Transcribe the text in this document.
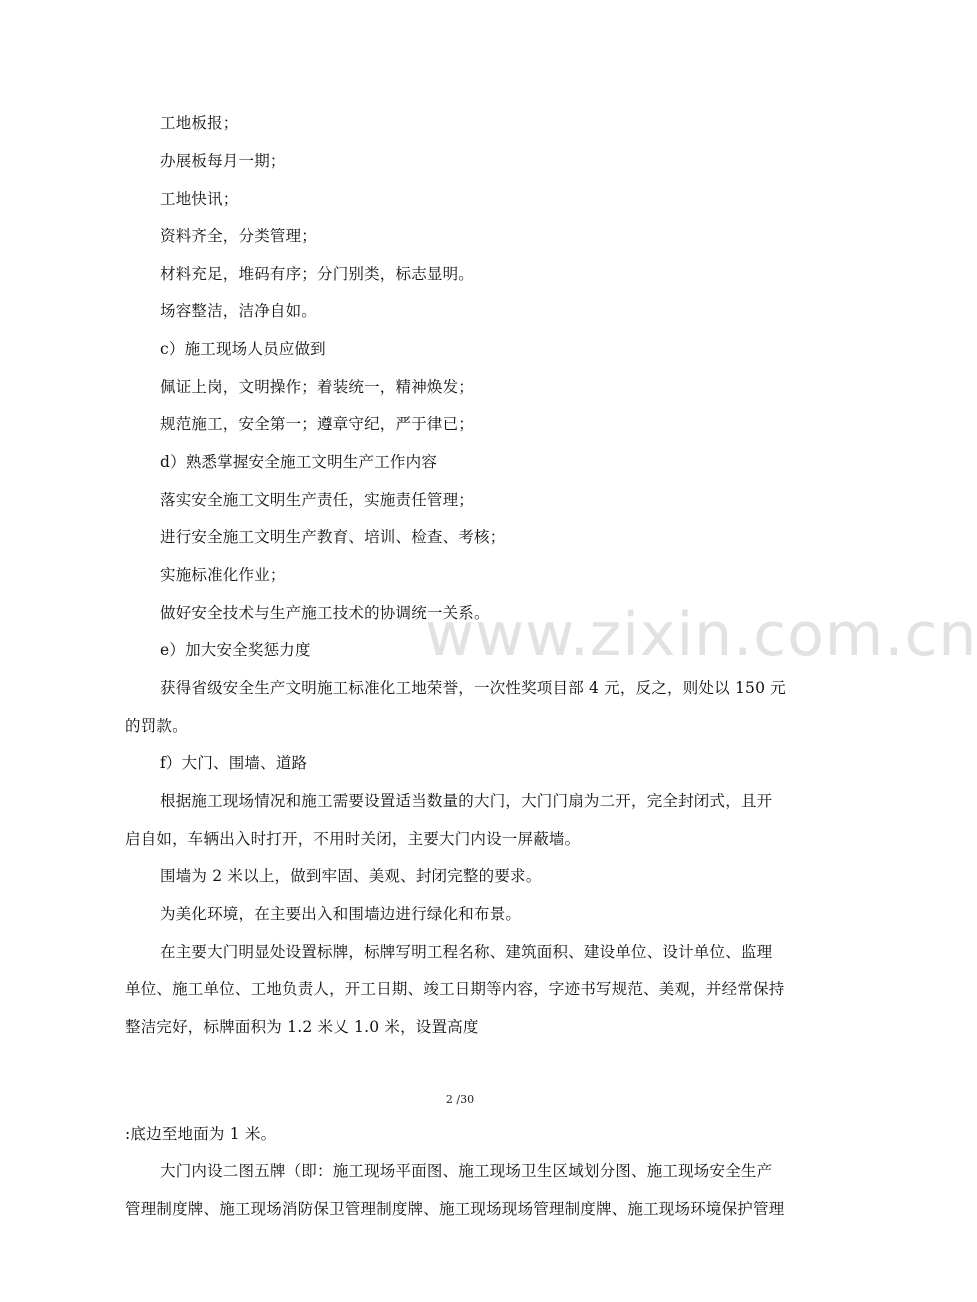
www.zixin.com.cn
工地板报；
办展板每月一期；
工地快讯；
资料齐全，分类管理；
材料充足，堆码有序；分门别类，标志显明。
场容整洁，洁净自如。
c）施工现场人员应做到
佩证上岗，文明操作；着装统一，精神焕发；
规范施工，安全第一；遵章守纪，严于律已；
d）熟悉掌握安全施工文明生产工作内容
落实安全施工文明生产责任，实施责任管理；
进行安全施工文明生产教育、培训、检查、考核；
实施标准化作业；
做好安全技术与生产施工技术的协调统一关系。
e）加大安全奖惩力度
获得省级安全生产文明施工标准化工地荣誉，一次性奖项目部 4 元，反之，则处以 150 元
的罚款。
f）大门、围墙、道路
根据施工现场情况和施工需要设置适当数量的大门，大门门扇为二开，完全封闭式，且开
启自如，车辆出入时打开，不用时关闭，主要大门内设一屏蔽墙。
围墙为 2 米以上，做到牢固、美观、封闭完整的要求。
为美化环境，在主要出入和围墙边进行绿化和布景。
在主要大门明显处设置标牌，标牌写明工程名称、建筑面积、建设单位、设计单位、监理
单位、施工单位、工地负责人，开工日期、竣工日期等内容，字迹书写规范、美观，并经常保持
整洁完好，标牌面积为 1.2 米乂 1.0 米，设置高度
2 /30
:底边至地面为 1 米。
大门内设二图五牌（即：施工现场平面图、施工现场卫生区域划分图、施工现场安全生产
管理制度牌、施工现场消防保卫管理制度牌、施工现场现场管理制度牌、施工现场环境保护管理
